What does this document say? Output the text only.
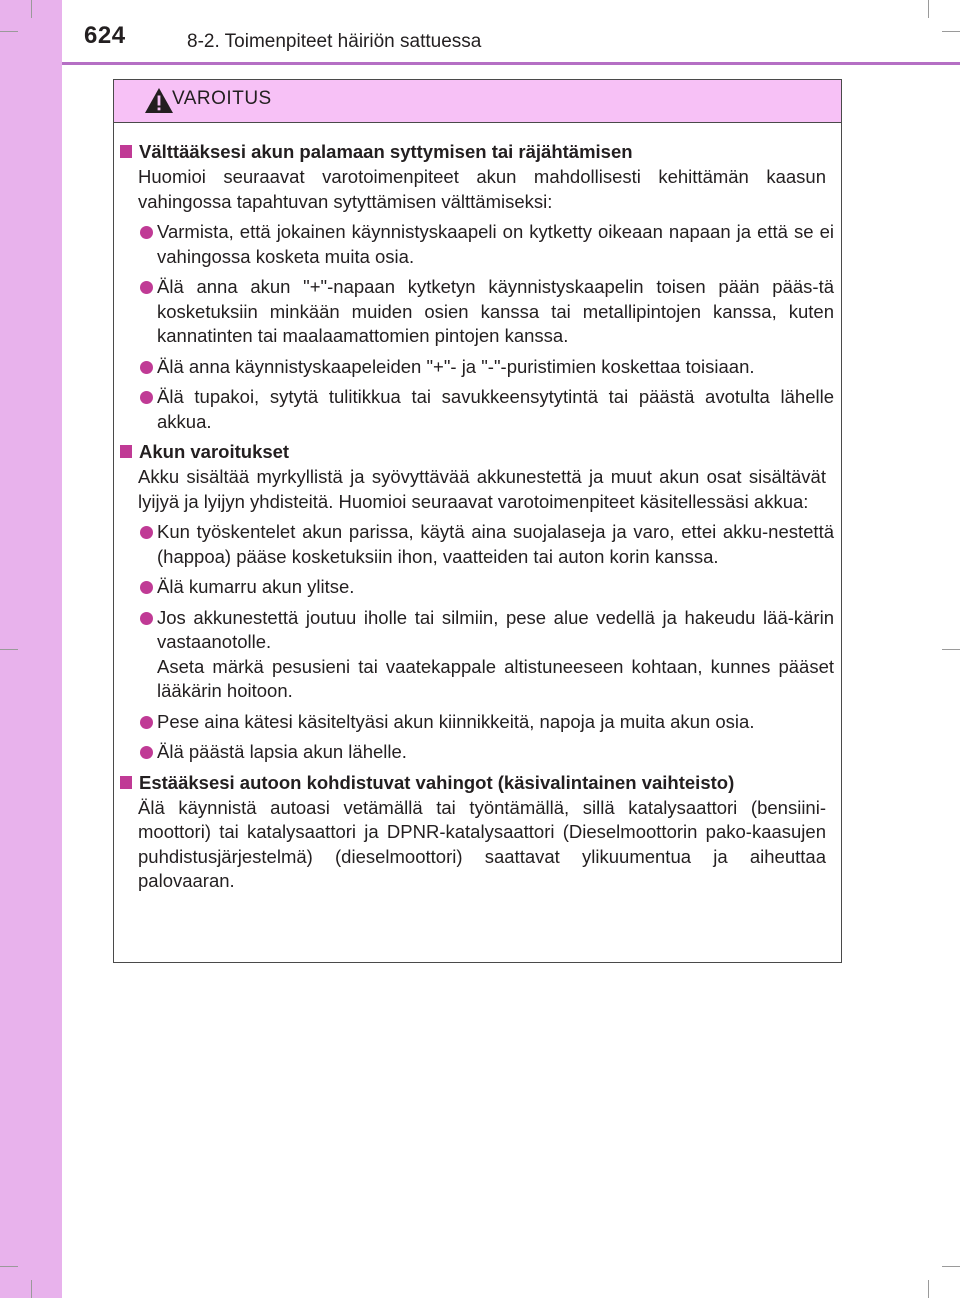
624	8-2. Toimenpiteet häiriön sattuessa
VAROITUS
Välttääksesi akun palamaan syttymisen tai räjähtämisen
Huomioi seuraavat varotoimenpiteet akun mahdollisesti kehittämän kaasun vahingossa tapahtuvan sytyttämisen välttämiseksi:
Varmista, että jokainen käynnistyskaapeli on kytketty oikeaan napaan ja että se ei vahingossa kosketa muita osia.
Älä anna akun "+"-napaan kytketyn käynnistyskaapelin toisen pään pääs-tä kosketuksiin minkään muiden osien kanssa tai metallipintojen kanssa, kuten kannatinten tai maalaamattomien pintojen kanssa.
Älä anna käynnistyskaapeleiden "+"- ja "-"-puristimien koskettaa toisiaan.
Älä tupakoi, sytytä tulitikkua tai savukkeensytytintä tai päästä avotulta lähelle akkua.
Akun varoitukset
Akku sisältää myrkyllistä ja syövyttävää akkunestettä ja muut akun osat sisältävät lyijyä ja lyijyn yhdisteitä. Huomioi seuraavat varotoimenpiteet käsitellessäsi akkua:
Kun työskentelet akun parissa, käytä aina suojalaseja ja varo, ettei akku-nestettä (happoa) pääse kosketuksiin ihon, vaatteiden tai auton korin kanssa.
Älä kumarru akun ylitse.
Jos akkunestettä joutuu iholle tai silmiin, pese alue vedellä ja hakeudu lää-kärin vastaanotolle.
Aseta märkä pesusieni tai vaatekappale altistuneeseen kohtaan, kunnes pääset lääkärin hoitoon.
Pese aina kätesi käsiteltyäsi akun kiinnikkeitä, napoja ja muita akun osia.
Älä päästä lapsia akun lähelle.
Estääksesi autoon kohdistuvat vahingot (käsivalintainen vaihteisto)
Älä käynnistä autoasi vetämällä tai työntämällä, sillä katalysaattori (bensiini-moottori) tai katalysaattori ja DPNR-katalysaattori (Dieselmoottorin pako-kaasujen puhdistusjärjestelmä) (dieselmoottori) saattavat ylikuumentua ja aiheuttaa palovaaran.
